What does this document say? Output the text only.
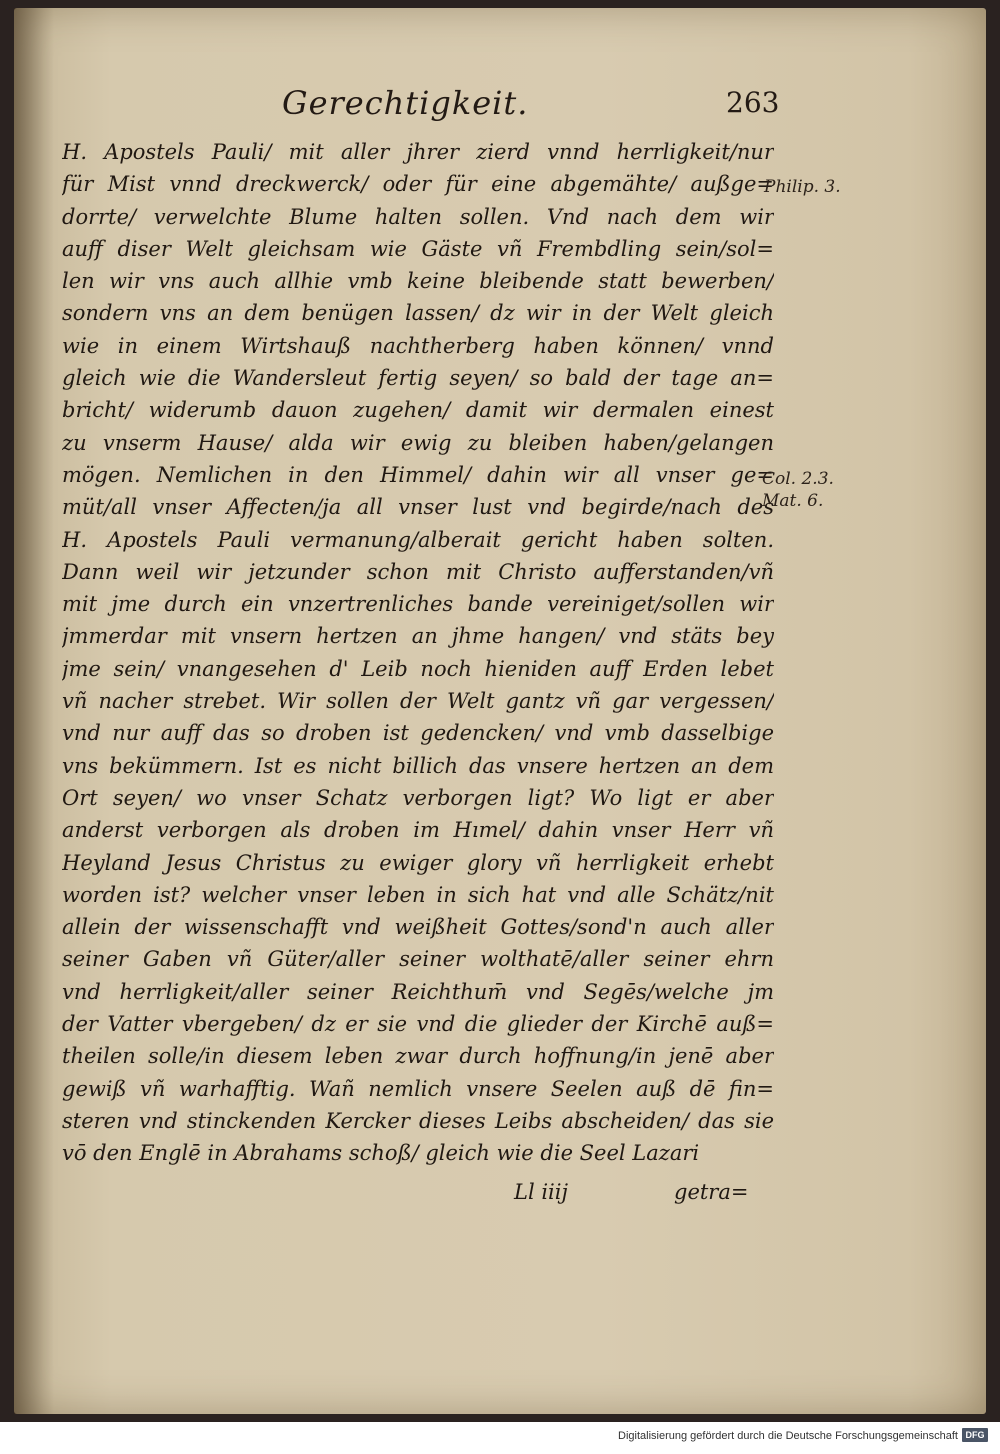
Gerechtigkeit.	263
H. Apostels Pauli/ mit aller jhrer zierd vnnd herrligkeit/nur
für Mist vnnd dreckwerck/ oder für eine abgemähte/ außge=
dorrte/ verwelchte Blume halten sollen. Vnd nach dem wir
auff diser Welt gleichsam wie Gäste vñ Frembdling sein/sol=
len wir vns auch allhie vmb keine bleibende statt bewerben/
sondern vns an dem benügen lassen/ dz wir in der Welt gleich
wie in einem Wirtshauß nachtherberg haben können/ vnnd
gleich wie die Wandersleut fertig seyen/ so bald der tage an=
bricht/ widerumb dauon zugehen/ damit wir dermalen einest
zu vnserm Hause/ alda wir ewig zu bleiben haben/gelangen
mögen. Nemlichen in den Himmel/ dahin wir all vnser ge=
müt/all vnser Affecten/ja all vnser lust vnd begirde/nach des
H. Apostels Pauli vermanung/alberait gericht haben solten.
Dann weil wir jetzunder schon mit Christo aufferstanden/vñ
mit jme durch ein vnzertrenliches bande vereiniget/sollen wir
jmmerdar mit vnsern hertzen an jhme hangen/ vnd stäts bey
jme sein/ vnangesehen d' Leib noch hieniden auff Erden lebet
vñ nacher strebet. Wir sollen der Welt gantz vñ gar vergessen/
vnd nur auff das so droben ist gedencken/ vnd vmb dasselbige
vns bekümmern. Ist es nicht billich das vnsere hertzen an dem
Ort seyen/ wo vnser Schatz verborgen ligt? Wo ligt er aber
anderst verborgen als droben im Hımel/ dahin vnser Herr vñ
Heyland Jesus Christus zu ewiger glory vñ herrligkeit erhebt
worden ist? welcher vnser leben in sich hat vnd alle Schätz/nit
allein der wissenschafft vnd weißheit Gottes/sond'n auch aller
seiner Gaben vñ Güter/aller seiner wolthatē/aller seiner ehrn
vnd herrligkeit/aller seiner Reichthum̄ vnd Segēs/welche jm
der Vatter vbergeben/ dz er sie vnd die glieder der Kirchē auß=
theilen solle/in diesem leben zwar durch hoffnung/in jenē aber
gewiß vñ warhafftig. Wañ nemlich vnsere Seelen auß dē fin=
steren vnd stinckenden Kercker dieses Leibs abscheiden/ das sie
vō den Englē in Abrahams schoß/ gleich wie die Seel Lazari
Philip. 3.
Col. 2.3.
Mat. 6.
Ll iiij	getra=
Digitalisierung gefördert durch die Deutsche Forschungsgemeinschaft DFG
